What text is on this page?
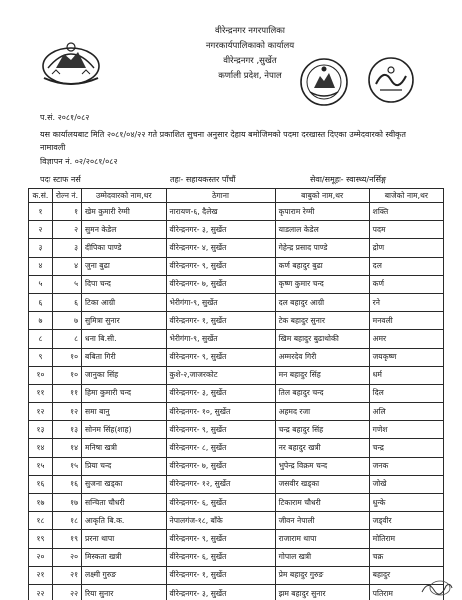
वीरेन्द्रनगर नगरपालिका
नगरकार्यपालिकाको कार्यालय
वीरेन्द्रनगर ,सुर्खेत
कर्णाली प्रदेश, नेपाल
प.सं. २०८१/०८२
यस कार्यालयबाट मिति २०८१/०४/२२ गते प्रकाशित सुचना अनुसार देहाय बमोजिमको पदमा दरखास्त दिएका उम्मेदवारको स्वीकृत नामावली
विज्ञापन नं. ०२/२०८१/०८२
पदः स्टाफ नर्स	तहः- सहायकस्तर पाँचौं	सेवा/समूहः- स्वास्थ्य/नर्सिङ्ग
क.सं.	रोल्न नं.	उम्मेदवारको नाम,थर	ठेगाना	बाबुको नाम,थर	बाजेको नाम,थर
१	१	खेम कुमारी रेग्मी	नारायण-६, दैलेख	कृपाराम रेग्मी	शक्ति
२	२	सुमन केडेल	वीरेन्द्रनगर- ३, सुर्खेत	याडलाल केडेल	पदम
३	३	दीपिका पाण्डे	वीरेन्द्रनगर- ४, सुर्खेत	गेहेन्द्र प्रसाद पाण्डे	द्रोण
४	४	जुना बुढा	वीरेन्द्रनगर- ९, सुर्खेत	कर्ण बहादुर बुढा	दल
५	५	दिपा चन्द	वीरेन्द्रनगर- ७, सुर्खेत	कृष्ण कुमार चन्द	कर्ण
६	६	टिका आग्री	भेरीगंगा-९, सुर्खेत	दल बहादुर आग्री	रने
७	७	सुमित्रा सुनार	वीरेन्द्रनगर- १, सुर्खेत	टेक बहादुर सुनार	मनवली
८	८	धना बि.सी.	भेरीगंगा-९, सुर्खेत	खिम बहादुर बुढाथोकी	अमर
९	१०	बबिता गिरी	वीरेन्द्रनगर- ९, सुर्खेत	अम्मरदेव गिरी	जयकृष्ण
१०	१०	जानुका सिंह	कुशे-२,जाजरकोट	मन बहादुर सिंह	धर्म
११	११	हिमा कुमारी चन्द	वीरेन्द्रनगर- ३, सुर्खेत	तिल बहादुर चन्द	दिल
१२	१२	समा बानु	वीरेन्द्रनगर- १०, सुर्खेत	अहमद रजा	अलि
१३	१३	सोनम सिंह(शाह)	वीरेन्द्रनगर- ९, सुर्खेत	चन्द्र बहादुर सिंह	गणेश
१४	१४	मनिषा खत्री	वीरेन्द्रनगर- ८, सुर्खेत	नर बहादुर खत्री	चन्द्र
१५	१५	प्रिया चन्द	वीरेन्द्रनगर- ७, सुर्खेत	भुपेन्द्र विक्रम चन्द	जनक
१६	१६	सुजना खड्का	वीरेन्द्रनगर- १२, सुर्खेत	जसवीर खड्का	जोखे
१७	१७	सन्चिता चौधरी	वीरेन्द्रनगर- ६, सुर्खेत	टिकाराम चौधरी	धुन्के
१८	१८	आकृति बि.क.	नेपालगंज-१८, बाँके	जीवन नेपाली	जड्वीर
१९	१९	प्ररना थापा	वीरेन्द्रनगर- ९, सुर्खेत	राजाराम थापा	मोतिराम
२०	२०	मिस्कता खत्री	वीरेन्द्रनगर- ६, सुर्खेत	गोपाल खत्री	चक्र
२१	२१	लक्ष्मी गुरुङ	वीरेन्द्रनगर- १, सुर्खेत	प्रेम बहादुर गुरुङ	बहादुर
२२	२२	रिया सुनार	वीरेन्द्रनगर- ३, सुर्खेत	झम बहादुर सुनार	पतिराम
